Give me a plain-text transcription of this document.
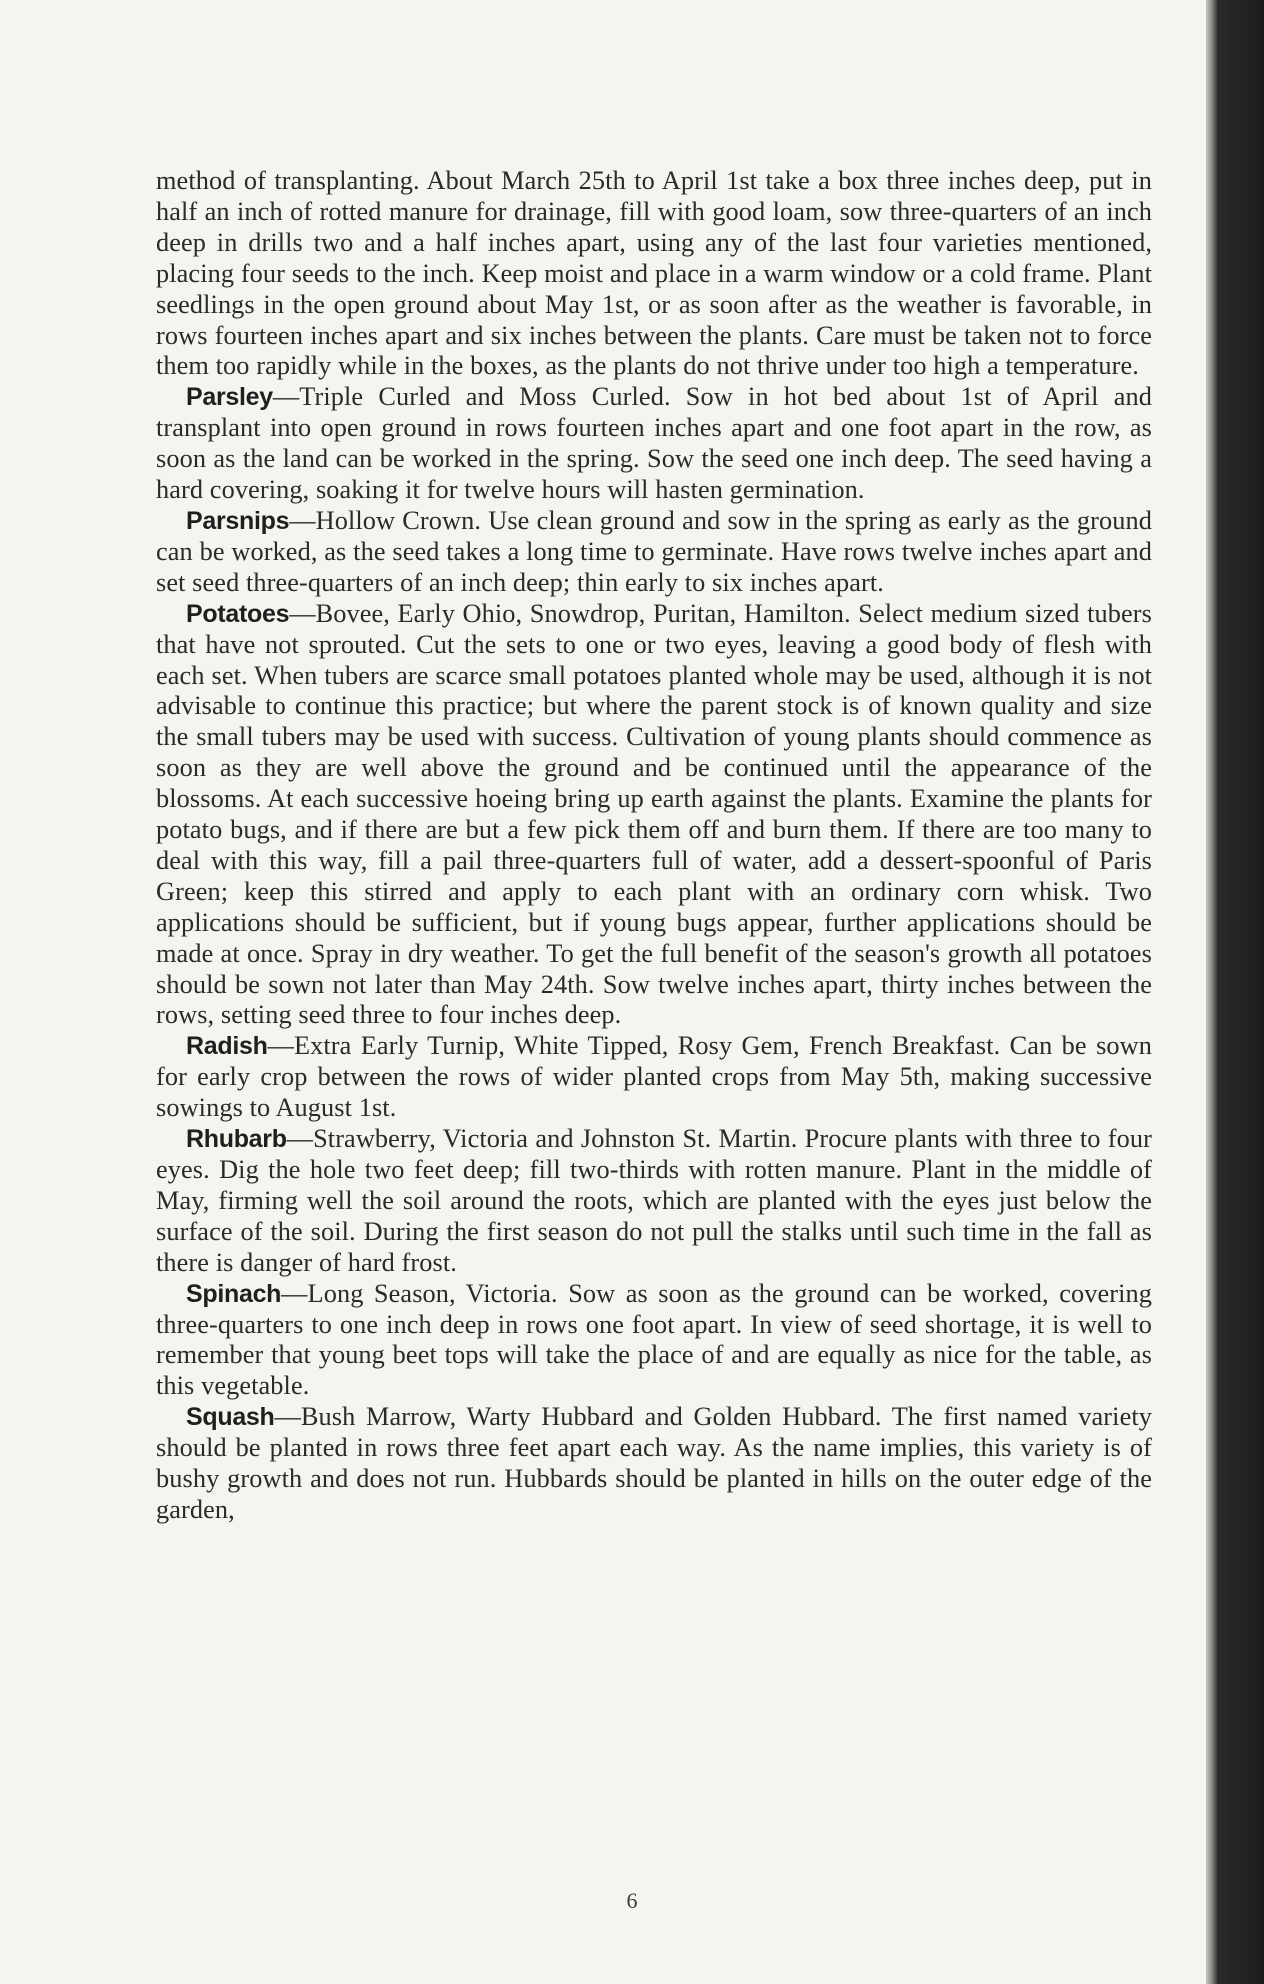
method of transplanting. About March 25th to April 1st take a box three inches deep, put in half an inch of rotted manure for drainage, fill with good loam, sow three-quarters of an inch deep in drills two and a half inches apart, using any of the last four varieties mentioned, placing four seeds to the inch. Keep moist and place in a warm window or a cold frame. Plant seedlings in the open ground about May 1st, or as soon after as the weather is favorable, in rows fourteen inches apart and six inches between the plants. Care must be taken not to force them too rapidly while in the boxes, as the plants do not thrive under too high a temperature.

Parsley—Triple Curled and Moss Curled. Sow in hot bed about 1st of April and transplant into open ground in rows fourteen inches apart and one foot apart in the row, as soon as the land can be worked in the spring. Sow the seed one inch deep. The seed having a hard covering, soaking it for twelve hours will hasten germination.

Parsnips—Hollow Crown. Use clean ground and sow in the spring as early as the ground can be worked, as the seed takes a long time to germinate. Have rows twelve inches apart and set seed three-quarters of an inch deep; thin early to six inches apart.

Potatoes—Bovee, Early Ohio, Snowdrop, Puritan, Hamilton. Select medium sized tubers that have not sprouted. Cut the sets to one or two eyes, leaving a good body of flesh with each set. When tubers are scarce small potatoes planted whole may be used, although it is not advisable to continue this practice; but where the parent stock is of known quality and size the small tubers may be used with success. Cultivation of young plants should commence as soon as they are well above the ground and be continued until the appearance of the blossoms. At each successive hoeing bring up earth against the plants. Examine the plants for potato bugs, and if there are but a few pick them off and burn them. If there are too many to deal with this way, fill a pail three-quarters full of water, add a dessert-spoonful of Paris Green; keep this stirred and apply to each plant with an ordinary corn whisk. Two applications should be sufficient, but if young bugs appear, further applications should be made at once. Spray in dry weather. To get the full benefit of the season's growth all potatoes should be sown not later than May 24th. Sow twelve inches apart, thirty inches between the rows, setting seed three to four inches deep.

Radish—Extra Early Turnip, White Tipped, Rosy Gem, French Breakfast. Can be sown for early crop between the rows of wider planted crops from May 5th, making successive sowings to August 1st.

Rhubarb—Strawberry, Victoria and Johnston St. Martin. Procure plants with three to four eyes. Dig the hole two feet deep; fill two-thirds with rotten manure. Plant in the middle of May, firming well the soil around the roots, which are planted with the eyes just below the surface of the soil. During the first season do not pull the stalks until such time in the fall as there is danger of hard frost.

Spinach—Long Season, Victoria. Sow as soon as the ground can be worked, covering three-quarters to one inch deep in rows one foot apart. In view of seed shortage, it is well to remember that young beet tops will take the place of and are equally as nice for the table, as this vegetable.

Squash—Bush Marrow, Warty Hubbard and Golden Hubbard. The first named variety should be planted in rows three feet apart each way. As the name implies, this variety is of bushy growth and does not run. Hubbards should be planted in hills on the outer edge of the garden,

6
